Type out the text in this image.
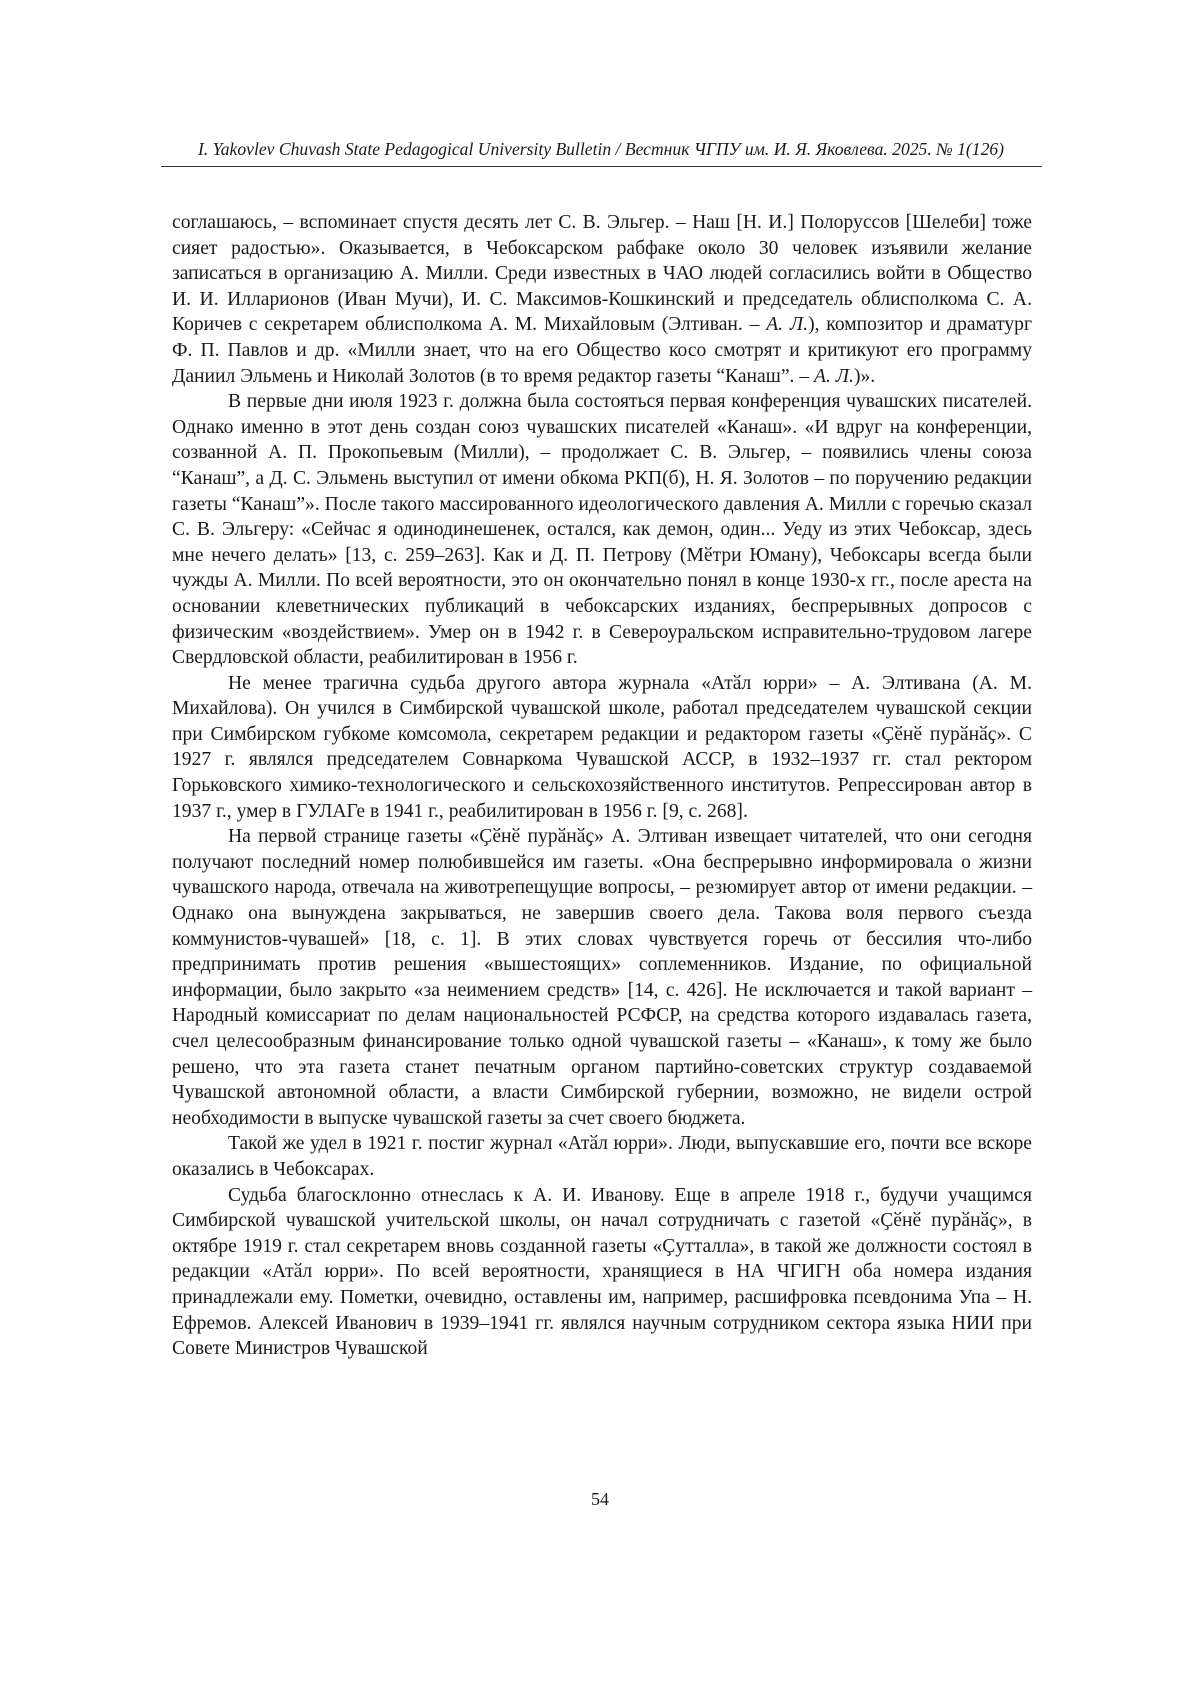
I. Yakovlev Chuvash State Pedagogical University Bulletin / Вестник ЧГПУ им. И. Я. Яковлева. 2025. № 1(126)

соглашаюсь, – вспоминает спустя десять лет С. В. Эльгер. – Наш [Н. И.] Полоруссов [Шелеби] тоже сияет радостью». Оказывается, в Чебоксарском рабфаке около 30 человек изъявили желание записаться в организацию А. Милли. Среди известных в ЧАО людей согласились войти в Общество И. И. Илларионов (Иван Мучи), И. С. Максимов-Кошкинский и председатель облисполкома С. А. Коричев с секретарем облисполкома А. М. Михайловым (Элтиван. – А. Л.), композитор и драматург Ф. П. Павлов и др. «Милли знает, что на его Общество косо смотрят и критикуют его программу Даниил Эльмень и Николай Золотов (в то время редактор газеты “Канаш”. – А. Л.)».

В первые дни июля 1923 г. должна была состояться первая конференция чувашских писателей. Однако именно в этот день создан союз чувашских писателей «Канаш». «И вдруг на конференции, созванной А. П. Прокопьевым (Милли), – продолжает С. В. Эльгер, – появились члены союза “Канаш”, а Д. С. Эльмень выступил от имени обкома РКП(б), Н. Я. Золотов – по поручению редакции газеты “Канаш”». После такого массированного идеологического давления А. Милли с горечью сказал С. В. Эльгеру: «Сейчас я одинодинешенек, остался, как демон, один... Уеду из этих Чебоксар, здесь мне нечего делать» [13, с. 259–263]. Как и Д. П. Петрову (Мӗтри Юману), Чебоксары всегда были чужды А. Милли. По всей вероятности, это он окончательно понял в конце 1930-х гг., после ареста на основании клеветнических публикаций в чебоксарских изданиях, беспрерывных допросов с физическим «воздействием». Умер он в 1942 г. в Североуральском исправительно-трудовом лагере Свердловской области, реабилитирован в 1956 г.

Не менее трагична судьба другого автора журнала «Атӑл юрри» – А. Элтивана (А. М. Михайлова). Он учился в Симбирской чувашской школе, работал председателем чувашской секции при Симбирском губкоме комсомола, секретарем редакции и редактором газеты «Ҫӗнӗ пурӑнӑҫ». С 1927 г. являлся председателем Совнаркома Чувашской АССР, в 1932–1937 гг. стал ректором Горьковского химико-технологического и сельскохозяйственного институтов. Репрессирован автор в 1937 г., умер в ГУЛАГе в 1941 г., реабилитирован в 1956 г. [9, с. 268].

На первой странице газеты «Ҫӗнӗ пурӑнӑҫ» А. Элтиван извещает читателей, что они сегодня получают последний номер полюбившейся им газеты. «Она беспрерывно информировала о жизни чувашского народа, отвечала на животрепещущие вопросы, – резюмирует автор от имени редакции. – Однако она вынуждена закрываться, не завершив своего дела. Такова воля первого съезда коммунистов-чувашей» [18, с. 1]. В этих словах чувствуется горечь от бессилия что-либо предпринимать против решения «вышестоящих» соплеменников. Издание, по официальной информации, было закрыто «за неимением средств» [14, с. 426]. Не исключается и такой вариант – Народный комиссариат по делам национальностей РСФСР, на средства которого издавалась газета, счел целесообразным финансирование только одной чувашской газеты – «Канаш», к тому же было решено, что эта газета станет печатным органом партийно-советских структур создаваемой Чувашской автономной области, а власти Симбирской губернии, возможно, не видели острой необходимости в выпуске чувашской газеты за счет своего бюджета.

Такой же удел в 1921 г. постиг журнал «Атӑл юрри». Люди, выпускавшие его, почти все вскоре оказались в Чебоксарах.

Судьба благосклонно отнеслась к А. И. Иванову. Еще в апреле 1918 г., будучи учащимся Симбирской чувашской учительской школы, он начал сотрудничать с газетой «Ҫӗнӗ пурӑнӑҫ», в октябре 1919 г. стал секретарем вновь созданной газеты «Ҫутталла», в такой же должности состоял в редакции «Атӑл юрри». По всей вероятности, хранящиеся в НА ЧГИГН оба номера издания принадлежали ему. Пометки, очевидно, оставлены им, например, расшифровка псевдонима Упа – Н. Ефремов. Алексей Иванович в 1939–1941 гг. являлся научным сотрудником сектора языка НИИ при Совете Министров Чувашской

54
